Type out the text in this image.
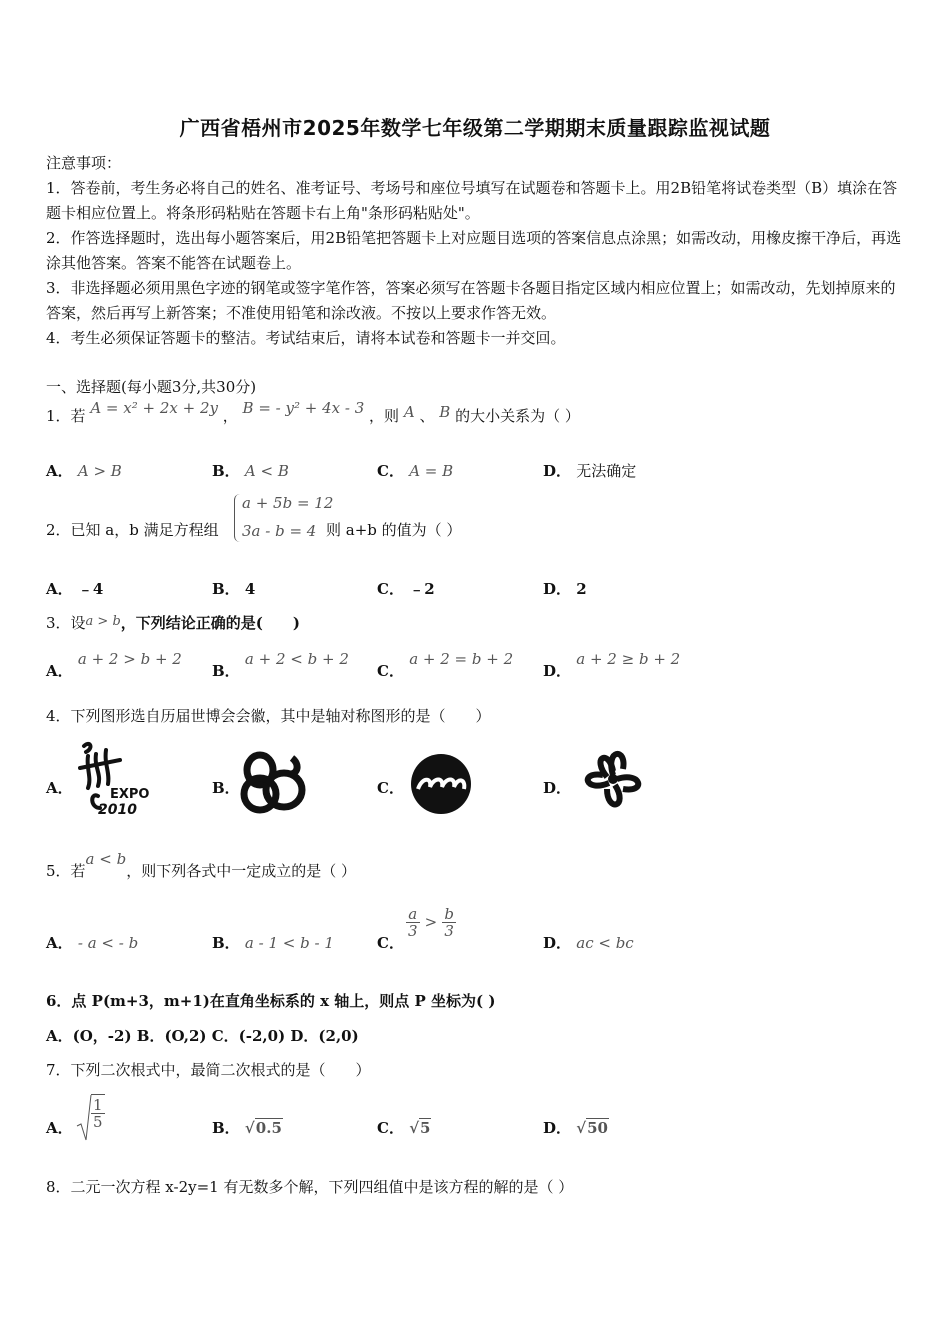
广西省梧州市2025年数学七年级第二学期期末质量跟踪监视试题
注意事项：
1．答卷前，考生务必将自己的姓名、准考证号、考场号和座位号填写在试题卷和答题卡上。用2B铅笔将试卷类型（B）填涂在答题卡相应位置上。将条形码粘贴在答题卡右上角"条形码粘贴处"。
2．作答选择题时，选出每小题答案后，用2B铅笔把答题卡上对应题目选项的答案信息点涂黑；如需改动，用橡皮擦干净后，再选涂其他答案。答案不能答在试题卷上。
3．非选择题必须用黑色字迹的钢笔或签字笔作答，答案必须写在答题卡各题目指定区域内相应位置上；如需改动，先划掉原来的答案，然后再写上新答案；不准使用铅笔和涂改液。不按以上要求作答无效。
4．考生必须保证答题卡的整洁。考试结束后，请将本试卷和答题卡一并交回。
一、选择题(每小题3分,共30分)
1．若 A = x² + 2x + 2y ， B = - y² + 4x - 3 ，则 A 、 B 的大小关系为（ ）
A． A > B	B． A < B	C． A = B	D． 无法确定
2．已知 a，b 满足方程组
a + 5b = 12
3a - b = 4 则 a+b 的值为（ ）
A． ﹣4	B． 4	C． ﹣2	D． 2
3．设a > b，下列结论正确的是(　　)
A． a + 2 > b + 2
B． a + 2 < b + 2
C． a + 2 = b + 2
D． a + 2 ≥ b + 2
4．下列图形选自历届世博会会徽，其中是轴对称图形的是（　　）
A．	EXPO
2010
B．	C．	D．
5．若a < b，则下列各式中一定成立的是（ ）
A． - a < - b	B． a - 1 < b - 1	C．
$\frac{a}{3} > \frac{b}{3}$
D． ac < bc
6．点 P(m+3，m+1)在直角坐标系的 x 轴上，则点 P 坐标为( )
A．(O，-2) B．(O,2) C．(-2,0) D．(2,0)
7．下列二次根式中，最简二次根式的是（　　）
A． $\frac{1}{5}$	B． √0.5	C． √5	D． √50
8．二元一次方程 x-2y=1 有无数多个解，下列四组值中是该方程的解的是（ ）
